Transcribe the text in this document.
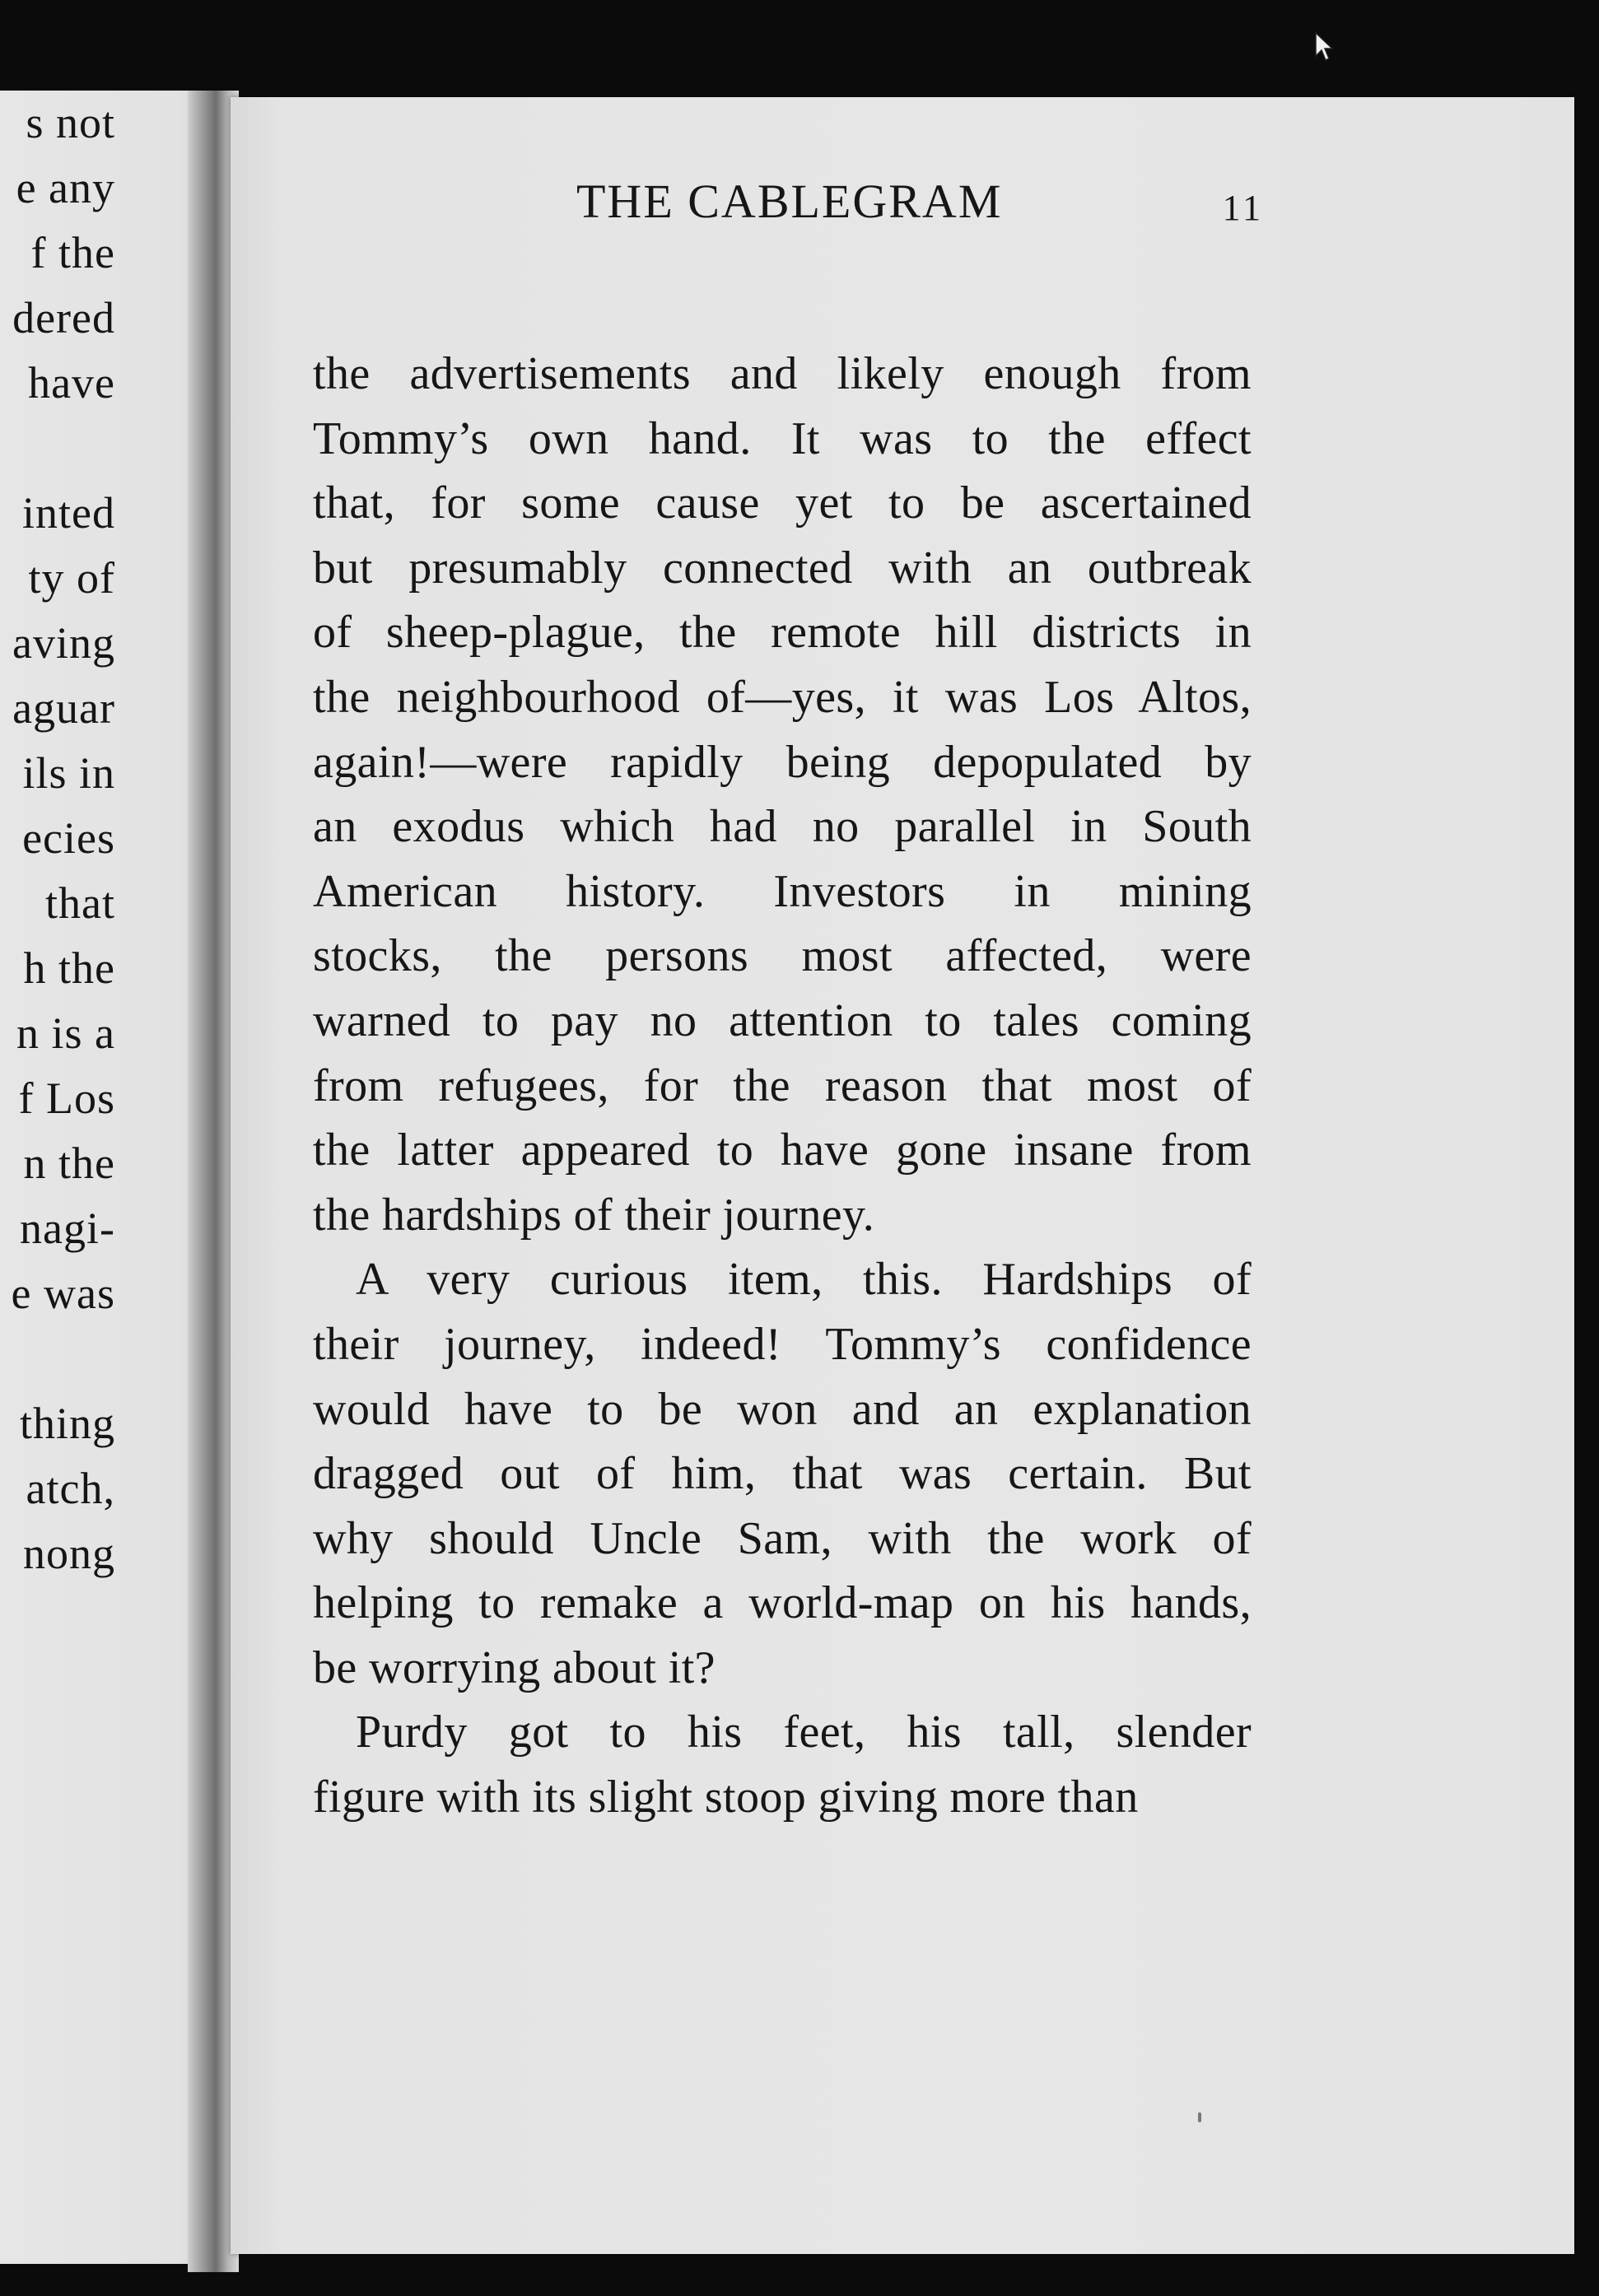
s not
e any
f the
dered
have
inted
ty of
aving
aguar
ils in
ecies
that
h the
n is a
f Los
n the
nagi-
e was
thing
atch,
nong
THE CABLEGRAM	11
the advertisements and likely enough from
Tommy’s own hand. It was to the effect
that, for some cause yet to be ascertained
but presumably connected with an outbreak
of sheep-plague, the remote hill districts in
the neighbourhood of—yes, it was Los Altos,
again!—were rapidly being depopulated by
an exodus which had no parallel in South
American history. Investors in mining
stocks, the persons most affected, were
warned to pay no attention to tales coming
from refugees, for the reason that most of
the latter appeared to have gone insane from
the hardships of their journey.
A very curious item, this. Hardships of
their journey, indeed! Tommy’s confidence
would have to be won and an explanation
dragged out of him, that was certain. But
why should Uncle Sam, with the work of
helping to remake a world-map on his hands,
be worrying about it?
Purdy got to his feet, his tall, slender
figure with its slight stoop giving more than
